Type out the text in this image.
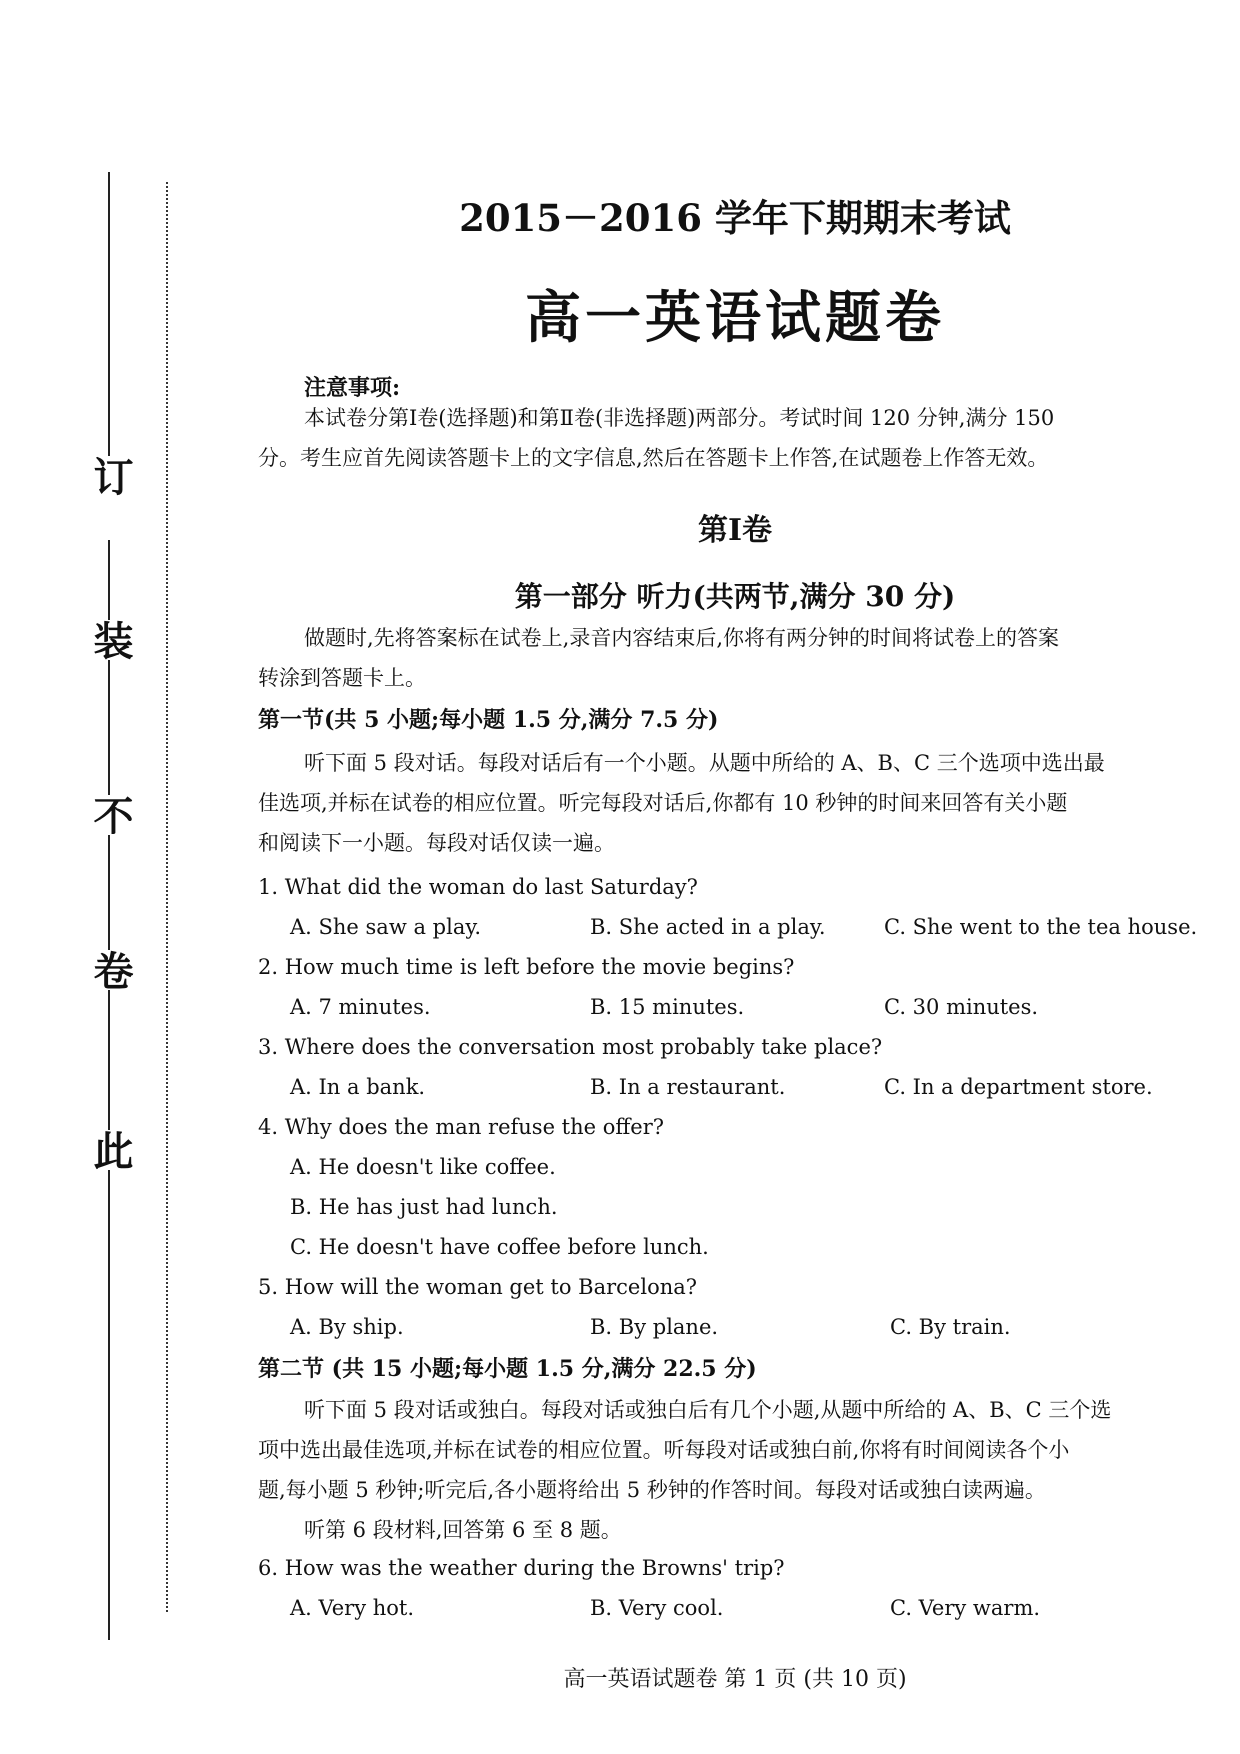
订
装
不
卷
此
2015－2016 学年下期期末考试
高一英语试题卷
注意事项:
本试卷分第Ⅰ卷(选择题)和第Ⅱ卷(非选择题)两部分。考试时间 120 分钟,满分 150
分。考生应首先阅读答题卡上的文字信息,然后在答题卡上作答,在试题卷上作答无效。
第Ⅰ卷
第一部分 听力(共两节,满分 30 分)
做题时,先将答案标在试卷上,录音内容结束后,你将有两分钟的时间将试卷上的答案
转涂到答题卡上。
第一节(共 5 小题;每小题 1.5 分,满分 7.5 分)
听下面 5 段对话。每段对话后有一个小题。从题中所给的 A、B、C 三个选项中选出最
佳选项,并标在试卷的相应位置。听完每段对话后,你都有 10 秒钟的时间来回答有关小题
和阅读下一小题。每段对话仅读一遍。
1. What did the woman do last Saturday?
A. She saw a play.	B. She acted in a play.	C. She went to the tea house.
2. How much time is left before the movie begins?
A. 7 minutes.	B. 15 minutes.	C. 30 minutes.
3. Where does the conversation most probably take place?
A. In a bank.	B. In a restaurant.	C. In a department store.
4. Why does the man refuse the offer?
A. He doesn't like coffee.
B. He has just had lunch.
C. He doesn't have coffee before lunch.
5. How will the woman get to Barcelona?
A. By ship.	B. By plane.	C. By train.
第二节 (共 15 小题;每小题 1.5 分,满分 22.5 分)
听下面 5 段对话或独白。每段对话或独白后有几个小题,从题中所给的 A、B、C 三个选
项中选出最佳选项,并标在试卷的相应位置。听每段对话或独白前,你将有时间阅读各个小
题,每小题 5 秒钟;听完后,各小题将给出 5 秒钟的作答时间。每段对话或独白读两遍。
听第 6 段材料,回答第 6 至 8 题。
6. How was the weather during the Browns' trip?
A. Very hot.	B. Very cool.	C. Very warm.
高一英语试题卷 第 1 页 (共 10 页)
